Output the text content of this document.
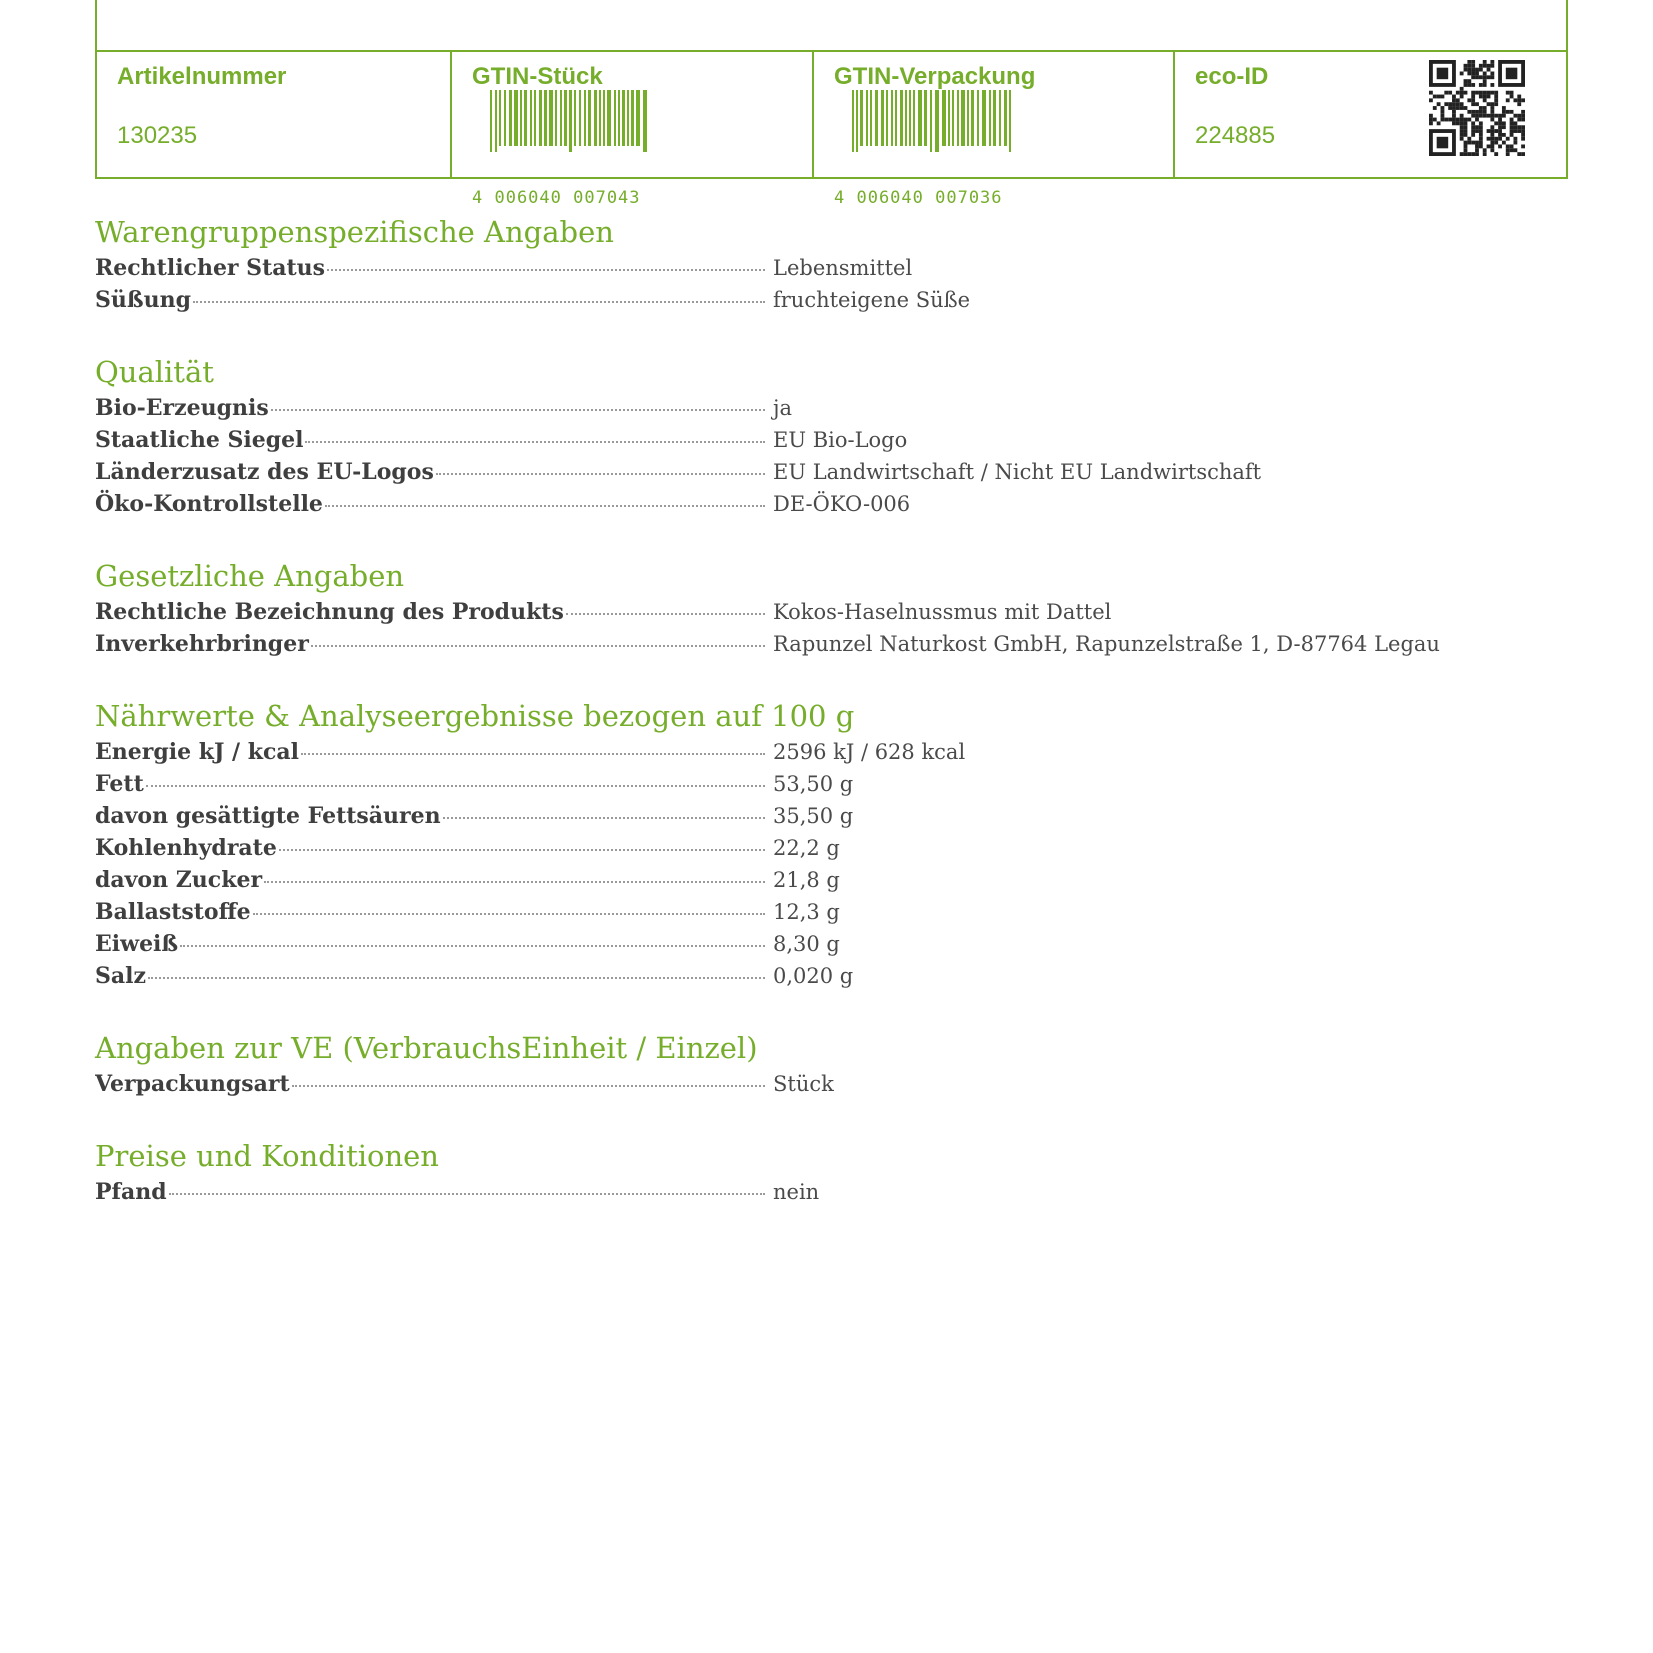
Artikelnummer
130235
GTIN-Stück
4 006040 007043
GTIN-Verpackung
4 006040 007036
eco-ID
224885
Warengruppenspezifische Angaben
Rechtlicher Status	Lebensmittel
Süßung	fruchteigene Süße
Qualität
Bio-Erzeugnis	ja
Staatliche Siegel	EU Bio-Logo
Länderzusatz des EU-Logos	EU Landwirtschaft / Nicht EU Landwirtschaft
Öko-Kontrollstelle	DE-ÖKO-006
Gesetzliche Angaben
Rechtliche Bezeichnung des Produkts	Kokos-Haselnussmus mit Dattel
Inverkehrbringer	Rapunzel Naturkost GmbH, Rapunzelstraße 1, D-87764 Legau
Nährwerte & Analyseergebnisse bezogen auf 100 g
Energie kJ / kcal	2596 kJ / 628 kcal
Fett	53,50 g
davon gesättigte Fettsäuren	35,50 g
Kohlenhydrate	22,2 g
davon Zucker	21,8 g
Ballaststoffe	12,3 g
Eiweiß	8,30 g
Salz	0,020 g
Angaben zur VE (VerbrauchsEinheit / Einzel)
Verpackungsart	Stück
Preise und Konditionen
Pfand	nein
